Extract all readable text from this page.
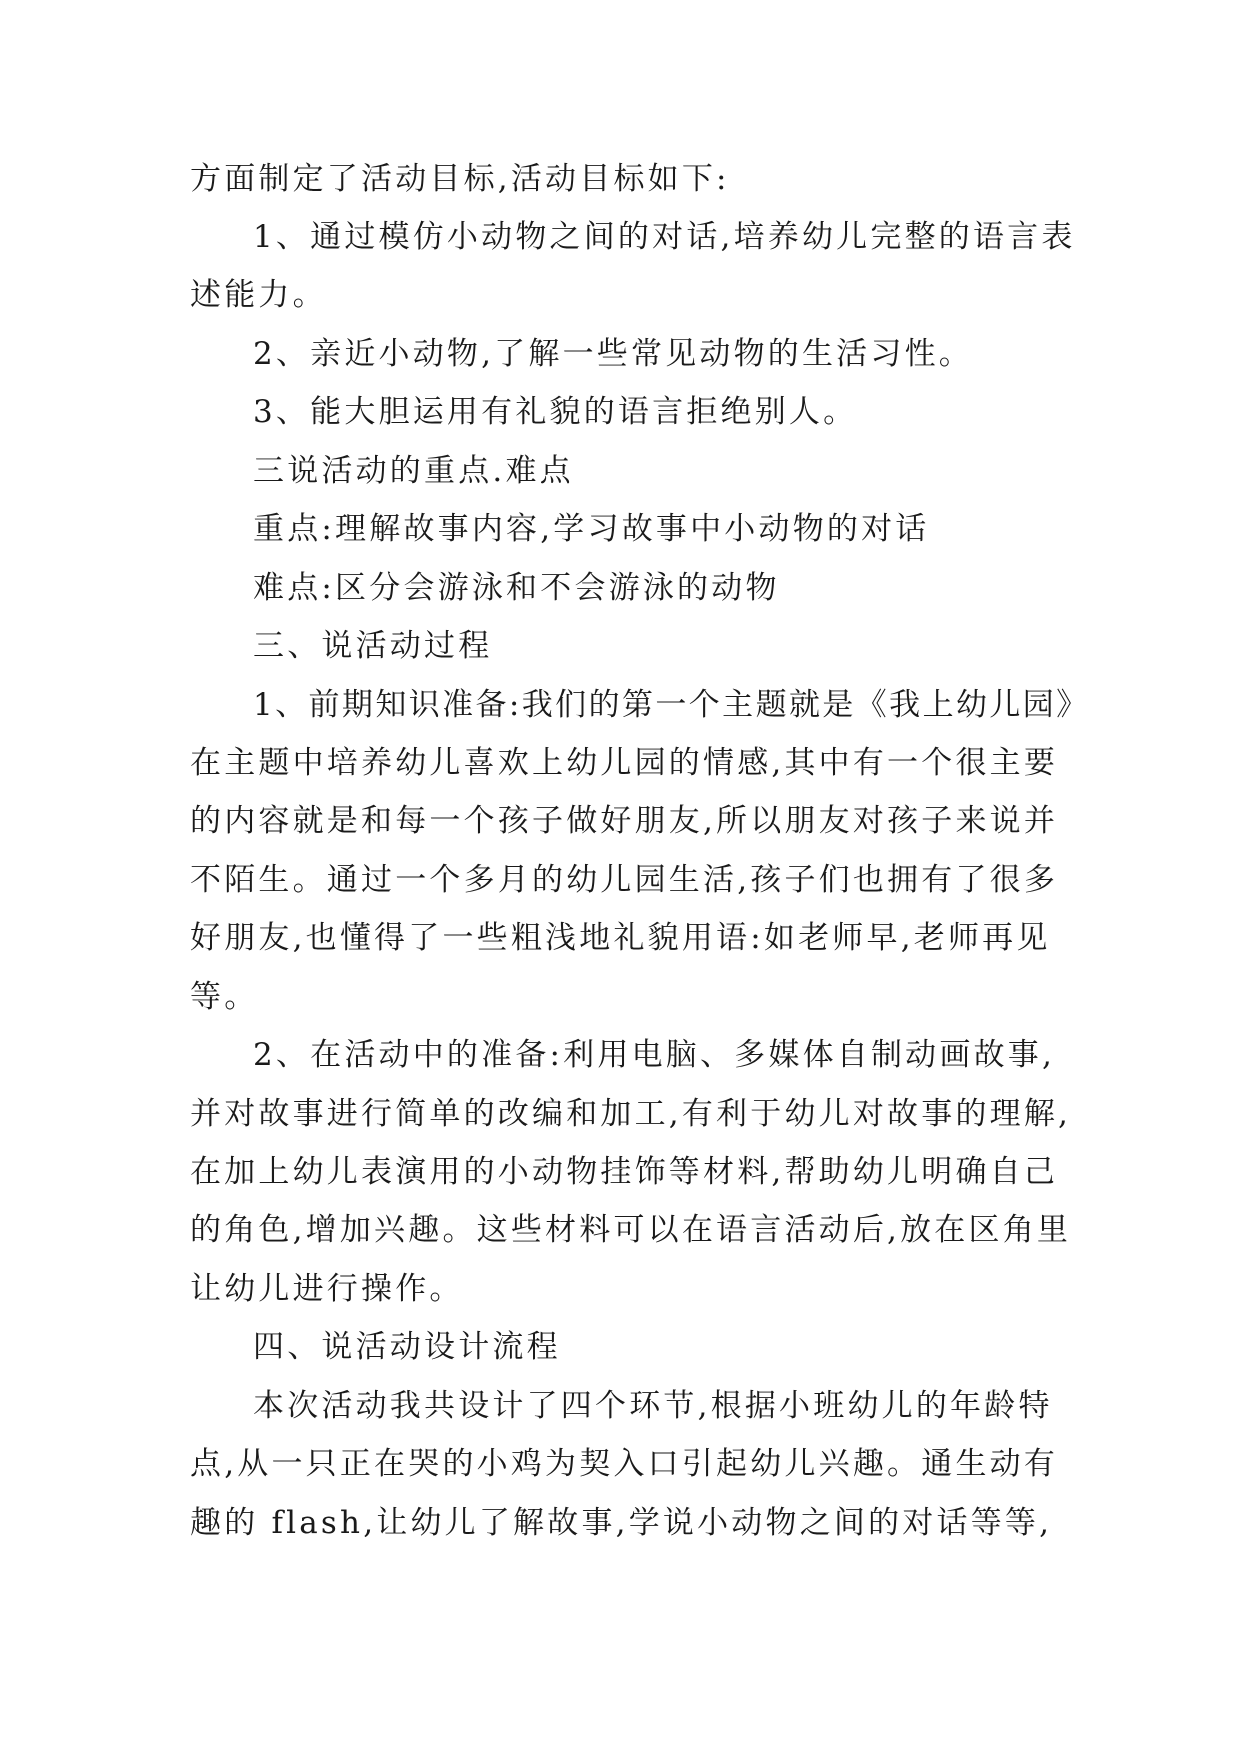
方面制定了活动目标,活动目标如下:
1、通过模仿小动物之间的对话,培养幼儿完整的语言表
述能力。
2、亲近小动物,了解一些常见动物的生活习性。
3、能大胆运用有礼貌的语言拒绝别人。
三说活动的重点.难点
重点:理解故事内容,学习故事中小动物的对话
难点:区分会游泳和不会游泳的动物
三、说活动过程
1、前期知识准备:我们的第一个主题就是《我上幼儿园》
在主题中培养幼儿喜欢上幼儿园的情感,其中有一个很主要
的内容就是和每一个孩子做好朋友,所以朋友对孩子来说并
不陌生。通过一个多月的幼儿园生活,孩子们也拥有了很多
好朋友,也懂得了一些粗浅地礼貌用语:如老师早,老师再见
等。
2、在活动中的准备:利用电脑、多媒体自制动画故事,
并对故事进行简单的改编和加工,有利于幼儿对故事的理解,
在加上幼儿表演用的小动物挂饰等材料,帮助幼儿明确自己
的角色,增加兴趣。这些材料可以在语言活动后,放在区角里
让幼儿进行操作。
四、说活动设计流程
本次活动我共设计了四个环节,根据小班幼儿的年龄特
点,从一只正在哭的小鸡为契入口引起幼儿兴趣。通生动有
趣的 flash,让幼儿了解故事,学说小动物之间的对话等等,
